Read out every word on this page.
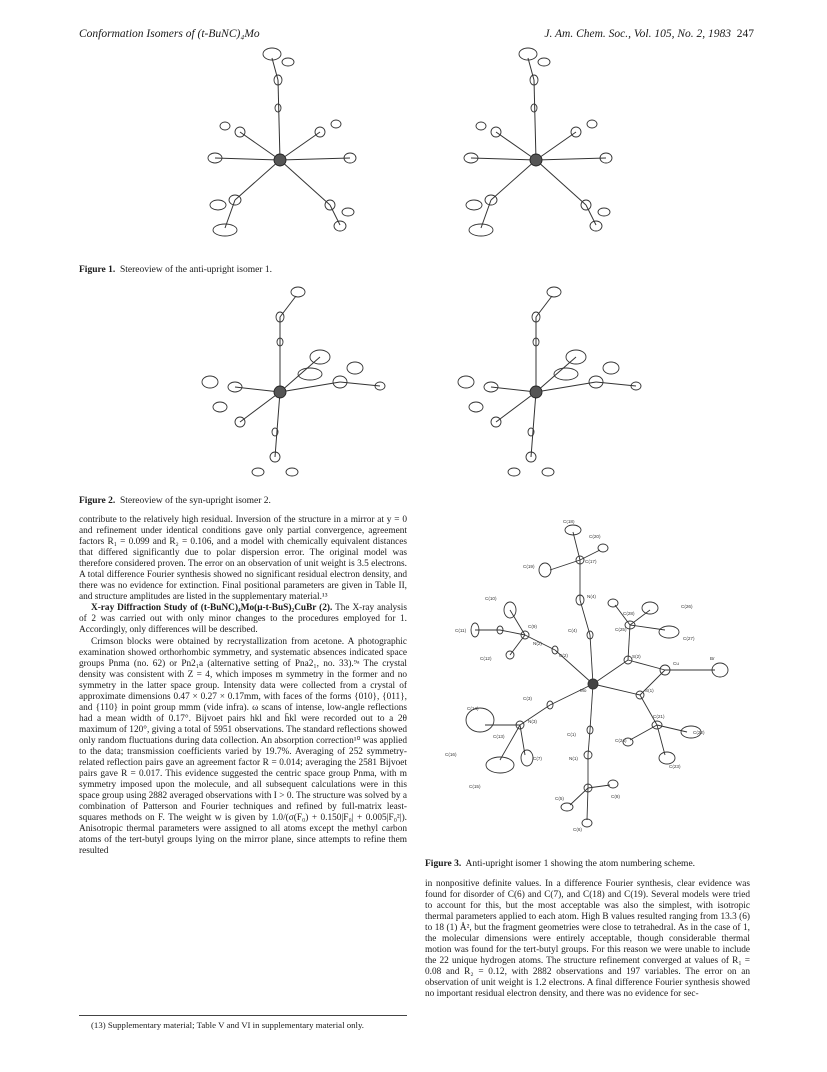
Conformation Isomers of (t-BuNC)₄Mo	J. Am. Chem. Soc., Vol. 105, No. 2, 1983 247
Figure 1. Stereoview of the anti-upright isomer 1.
Figure 2. Stereoview of the syn-upright isomer 2.

contribute to the relatively high residual. Inversion of the structure in a mirror at y = 0 and refinement under identical conditions gave only partial convergence, agreement factors R₁ = 0.099 and R₂ = 0.106, and a model with chemically equivalent distances that differed significantly due to polar dispersion error. The original model was therefore considered proven. The error on an observation of unit weight is 3.5 electrons. A total difference Fourier synthesis showed no significant residual electron density, and there was no evidence for extinction. Final positional parameters are given in Table II, and structure amplitudes are listed in the supplementary material.¹³

X-ray Diffraction Study of (t-BuNC)₄Mo(μ-t-BuS)₂CuBr (2). The X-ray analysis of 2 was carried out with only minor changes to the procedures employed for 1. Accordingly, only differences will be described.

Crimson blocks were obtained by recrystallization from acetone. A photographic examination showed orthorhombic symmetry, and systematic absences indicated space groups Pnma (no. 62) or Pn2₁a (alternative setting of Pna2₁, no. 33).⁹ᵃ The crystal density was consistent with Z = 4, which imposes m symmetry in the former and no symmetry in the latter space group. Intensity data were collected from a crystal of approximate dimensions 0.47 × 0.27 × 0.17mm, with faces of the forms {010}, {011}, and {110} in point group mmm (vide infra). ω scans of intense, low-angle reflections had a mean width of 0.17°. Bijvoet pairs hkl and h̄kl were recorded out to a 2θ maximum of 120°, giving a total of 5951 observations. The standard reflections showed only random fluctuations during data collection. An absorption correction¹⁰ was applied to the data; transmission coefficients varied by 19.7%. Averaging of 252 symmetry-related reflection pairs gave an agreement factor R = 0.014; averaging the 2581 Bijvoet pairs gave R = 0.017. This evidence suggested the centric space group Pnma, with m symmetry imposed upon the molecule, and all subsequent calculations were in this space group using 2882 averaged observations with I > 0. The structure was solved by a combination of Patterson and Fourier techniques and refined by full-matrix least-squares methods on F. The weight w is given by 1.0/(σ(F₀) + 0.150|F₀| + 0.005|F₀²|). Anisotropic thermal parameters were assigned to all atoms except the methyl carbon atoms of the tert-butyl groups lying on the mirror plane, since attempts to refine them resulted

(13) Supplementary material; Table V and VI in supplementary material only.
C(18)
C(20)
C(19)
C(17)
N(4)
C(28)
C(26)
C(10)
C(4)	C(25)
C(27)
C(11)
C(9)
N(2)
S(2)
C(12)
C(2)
Cu
Br
Mo	S(1)
C(3)
N(3)
C(14)
C(13)	C(1)
C(21)
C(22)
N(1)
C(24)
C(16)
C(7)
C(23)
C(15)
C(5)	C(8)
C(6)
Figure 3. Anti-upright isomer 1 showing the atom numbering scheme.

in nonpositive definite values. In a difference Fourier synthesis, clear evidence was found for disorder of C(6) and C(7), and C(18) and C(19). Several models were tried to account for this, but the most acceptable was also the simplest, with isotropic thermal parameters applied to each atom. High B values resulted ranging from 13.3 (6) to 18 (1) Å², but the fragment geometries were close to tetrahedral. As in the case of 1, the molecular dimensions were entirely acceptable, though considerable thermal motion was found for the tert-butyl groups. For this reason we were unable to include the 22 unique hydrogen atoms. The structure refinement converged at values of R₁ = 0.08 and R₂ = 0.12, with 2882 observations and 197 variables. The error on an observation of unit weight is 1.2 electrons. A final difference Fourier synthesis showed no important residual electron density, and there was no evidence for sec-
